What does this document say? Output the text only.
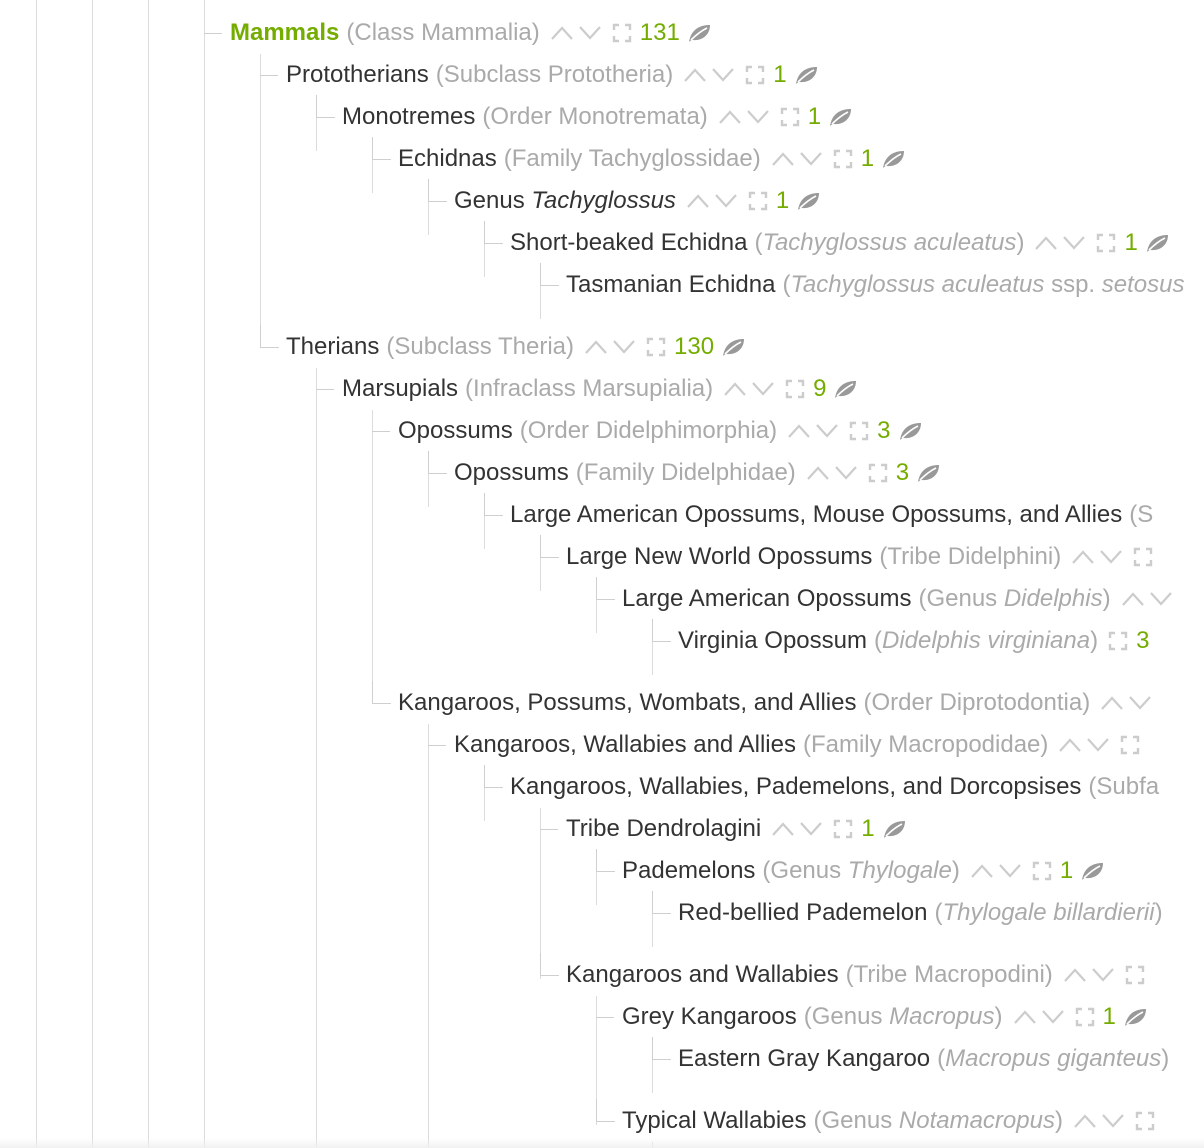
Mammals (Class Mammalia)	131
Prototherians (Subclass Prototheria)	1
Monotremes (Order Monotremata)	1
Echidnas (Family Tachyglossidae)	1
Genus Tachyglossus	1
Short-beaked Echidna (Tachyglossus aculeatus)	1
Tasmanian Echidna (Tachyglossus aculeatus ssp. setosus
Therians (Subclass Theria)	130
Marsupials (Infraclass Marsupialia)	9
Opossums (Order Didelphimorphia)	3
Opossums (Family Didelphidae)	3
Large American Opossums, Mouse Opossums, and Allies (S
Large New World Opossums (Tribe Didelphini)
Large American Opossums (Genus Didelphis)
Virginia Opossum (Didelphis virginiana) 3
Kangaroos, Possums, Wombats, and Allies (Order Diprotodontia)
Kangaroos, Wallabies and Allies (Family Macropodidae)
Kangaroos, Wallabies, Pademelons, and Dorcopsises (Subfa
Tribe Dendrolagini	1
Pademelons (Genus Thylogale)	1
Red-bellied Pademelon (Thylogale billardierii)
Kangaroos and Wallabies (Tribe Macropodini)
Grey Kangaroos (Genus Macropus)	1
Eastern Gray Kangaroo (Macropus giganteus)
Typical Wallabies (Genus Notamacropus)
